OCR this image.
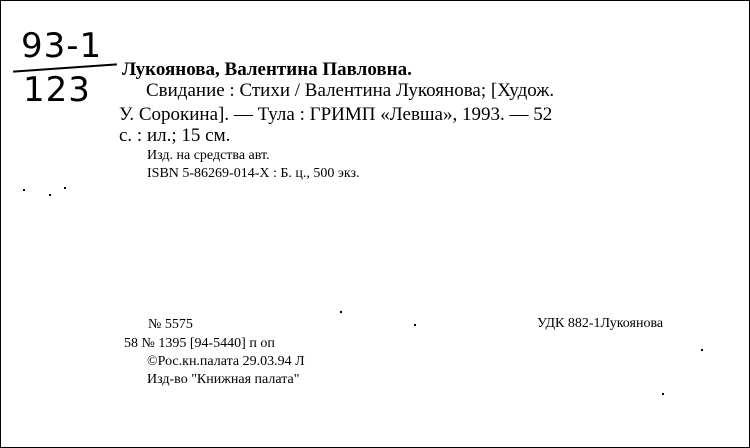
93-1
123
Лукоянова, Валентина Павловна.
Свидание : Стихи / Валентина Лукоянова; [Худож.
У. Сорокина]. — Тула : ГРИМП «Левша», 1993. — 52
с. : ил.; 15 см.
Изд. на средства авт.
ISBN 5-86269-014-X : Б. ц., 500 экз.
№ 5575
58 № 1395 [94-5440] п оп
©Рос.кн.палата 29.03.94 Л
Изд-во "Книжная палата"
УДК 882-1Лукоянова
